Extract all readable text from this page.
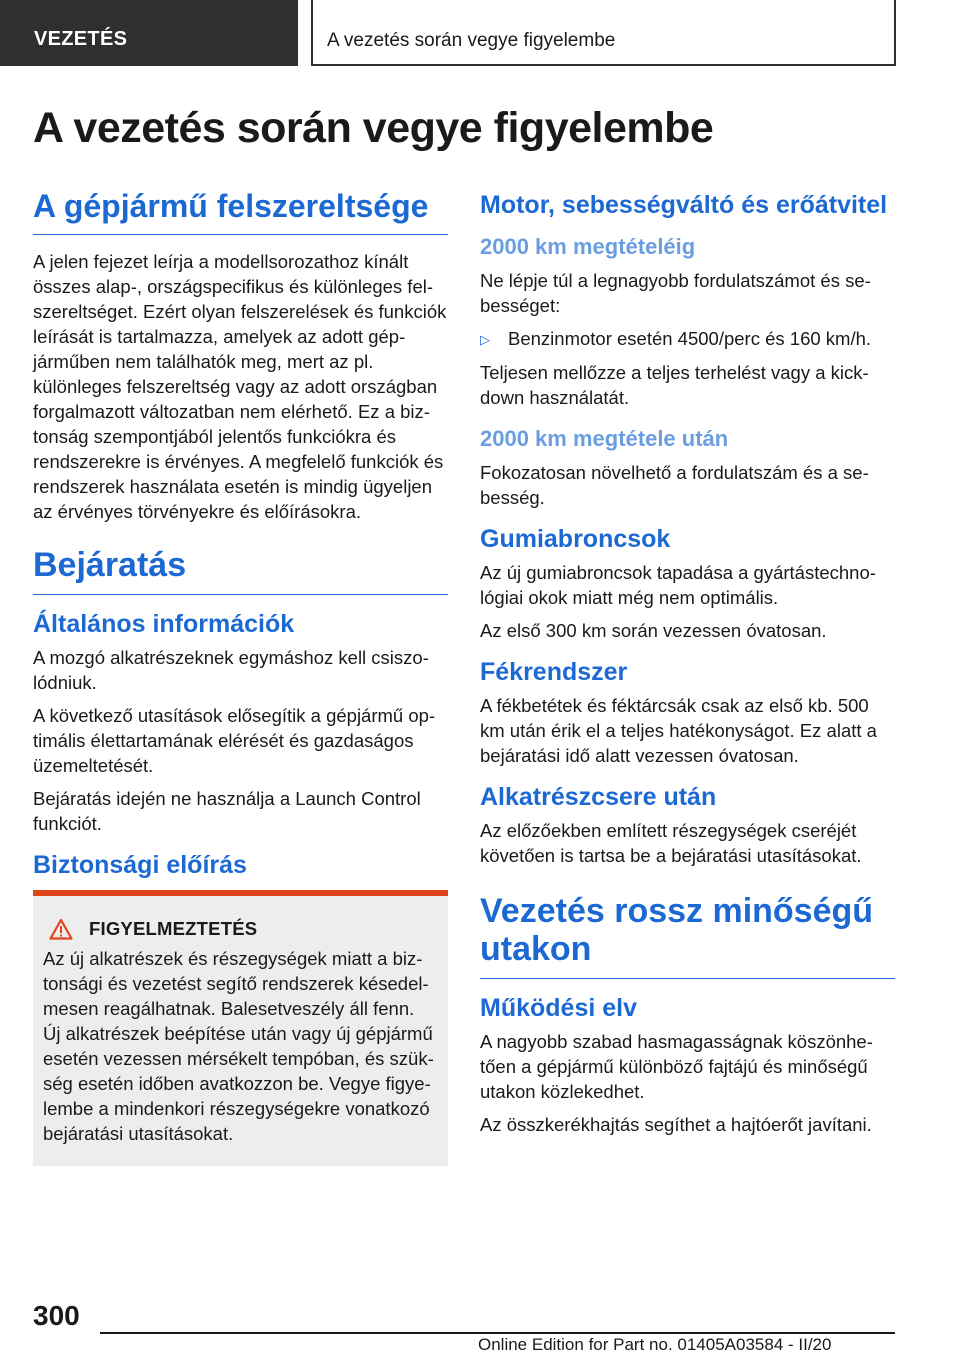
VEZETÉS	A vezetés során vegye figyelembe
A vezetés során vegye figyelembe
A gépjármű felszereltsége

A jelen fejezet leírja a modellsorozathoz kínált összes alap-, országspecifikus és különleges felszereltséget. Ezért olyan felszerelések és funkciók leírását is tartalmazza, amelyek az adott gépjárműben nem találhatók meg, mert az pl. különleges felszereltség vagy az adott országban forgalmazott változatban nem elérhető. Ez a biztonság szempontjából jelentős funkciókra és rendszerekre is érvényes. A megfelelő funkciók és rendszerek használata esetén is mindig ügyeljen az érvényes törvényekre és előírásokra.

Bejáratás
Általános információk

A mozgó alkatrészeknek egymáshoz kell csiszolódniuk.

A következő utasítások elősegítik a gépjármű optimális élettartamának elérését és gazdaságos üzemeltetését.

Bejáratás idején ne használja a Launch Control funkciót.

Biztonsági előírás
FIGYELMEZTETÉS

Az új alkatrészek és részegységek miatt a biztonsági és vezetést segítő rendszerek késedelmesen reagálhatnak. Balesetveszély áll fenn. Új alkatrészek beépítése után vagy új gépjármű esetén vezessen mérsékelt tempóban, és szükség esetén időben avatkozzon be. Vegye figyelembe a mindenkori részegységekre vonatkozó bejáratási utasításokat.

Motor, sebességváltó és erőátvitel
2000 km megtételéig

Ne lépje túl a legnagyobb fordulatszámot és sebességet:

▷ Benzinmotor esetén 4500/perc és 160 km/h.

Teljesen mellőzze a teljes terhelést vagy a kickdown használatát.

2000 km megtétele után

Fokozatosan növelhető a fordulatszám és a sebesség.

Gumiabroncsok

Az új gumiabroncsok tapadása a gyártástechnológiai okok miatt még nem optimális.

Az első 300 km során vezessen óvatosan.

Fékrendszer

A fékbetétek és féktárcsák csak az első kb. 500 km után érik el a teljes hatékonyságot. Ez alatt a bejáratási idő alatt vezessen óvatosan.

Alkatrészcsere után

Az előzőekben említett részegységek cseréjét követően is tartsa be a bejáratási utasításokat.

Vezetés rossz minőségű utakon
Működési elv

A nagyobb szabad hasmagasságnak köszönhetően a gépjármű különböző fajtájú és minőségű utakon közlekedhet.

Az összkerékhajtás segíthet a hajtóerőt javítani.

300
Online Edition for Part no. 01405A03584 - II/20
